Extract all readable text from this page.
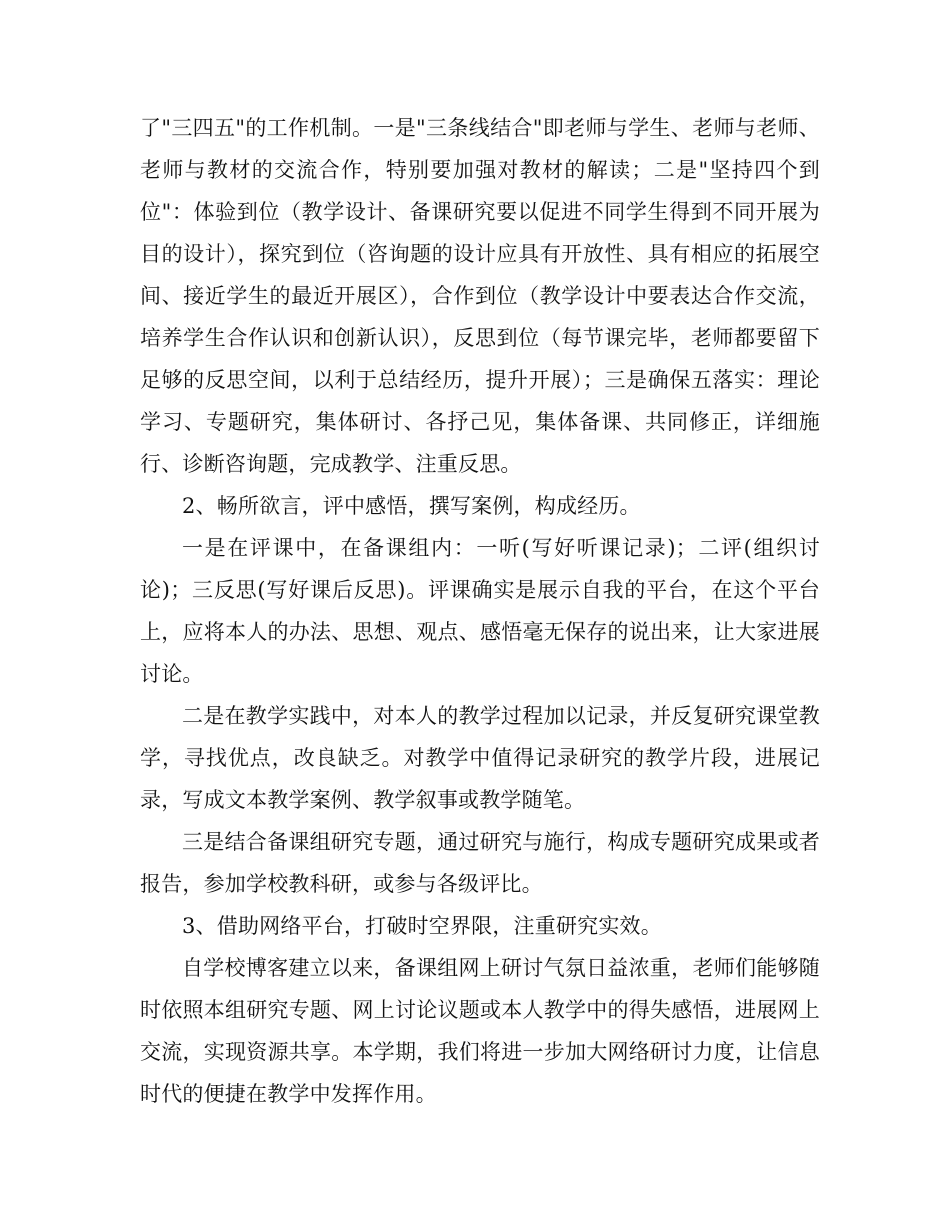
了"三四五"的工作机制。一是"三条线结合"即老师与学生、老师与老师、老师与教材的交流合作，特别要加强对教材的解读；二是"坚持四个到位"：体验到位（教学设计、备课研究要以促进不同学生得到不同开展为目的设计），探究到位（咨询题的设计应具有开放性、具有相应的拓展空间、接近学生的最近开展区），合作到位（教学设计中要表达合作交流，培养学生合作认识和创新认识），反思到位（每节课完毕，老师都要留下足够的反思空间，以利于总结经历，提升开展）；三是确保五落实：理论学习、专题研究，集体研讨、各抒己见，集体备课、共同修正，详细施行、诊断咨询题，完成教学、注重反思。

2、畅所欲言，评中感悟，撰写案例，构成经历。

一是在评课中，在备课组内：一听(写好听课记录)；二评(组织讨论)；三反思(写好课后反思)。评课确实是展示自我的平台，在这个平台上，应将本人的办法、思想、观点、感悟毫无保存的说出来，让大家进展讨论。

二是在教学实践中，对本人的教学过程加以记录，并反复研究课堂教学，寻找优点，改良缺乏。对教学中值得记录研究的教学片段，进展记录，写成文本教学案例、教学叙事或教学随笔。

三是结合备课组研究专题，通过研究与施行，构成专题研究成果或者报告，参加学校教科研，或参与各级评比。

3、借助网络平台，打破时空界限，注重研究实效。

自学校博客建立以来，备课组网上研讨气氛日益浓重，老师们能够随时依照本组研究专题、网上讨论议题或本人教学中的得失感悟，进展网上交流，实现资源共享。本学期，我们将进一步加大网络研讨力度，让信息时代的便捷在教学中发挥作用。
